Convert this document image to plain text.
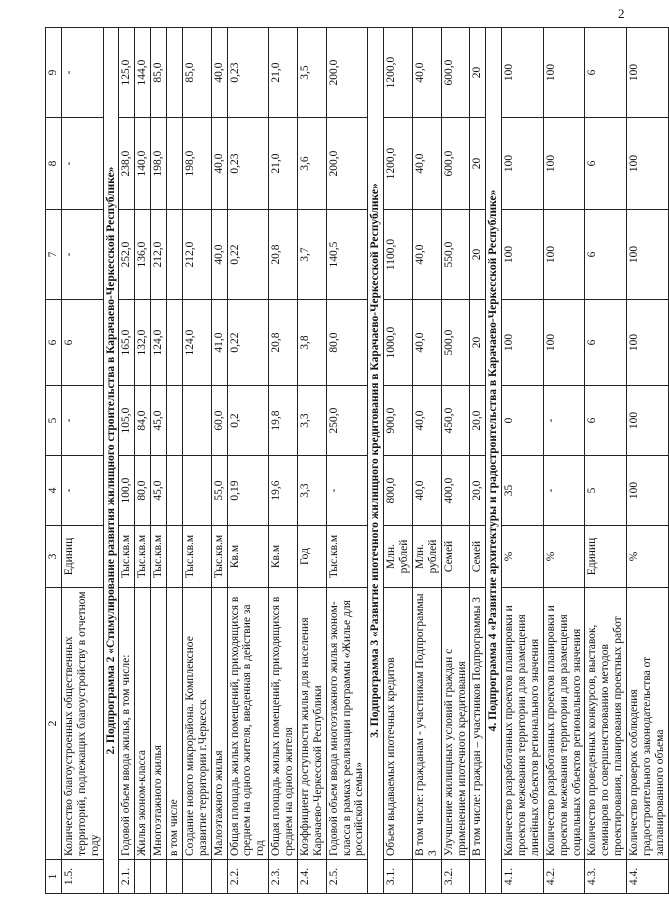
2
1	2	3	4	5	6	7	8	9
1.5.	Количество благоустроенных общественных территорий, подлежащих благоустройству в отчетном году	Единиц	-	-	6	-	-	-
2. Подпрограмма 2 «Стимулирование развития жилищного строительства в Карачаево-Черкесской Республике»								
2.1.	Годовой объем ввода жилья, в том числе:	Тыс.кв.м	100,0	105,0	165,0	252,0	238,0	125,0
	Жилья эконом-класса	Тыс.кв.м	80,0	84,0	132,0	136,0	140,0	144,0
	Многоэтажного жилья	Тыс.кв.м	45,0	45,0	124,0	212,0	198,0	85,0
	в том числе							
	Создание нового микрорайона. Комплексное развитие территории г.Черкесск	Тыс.кв.м			124,0	212,0	198,0	85,0
	Малоэтажного жилья	Тыс.кв.м	55,0	60,0	41,0	40,0	40,0	40,0
2.2.	Общая площадь жилых помещений, приходящихся в среднем на одного жителя, введенная в действие за год	Кв.м	0,19	0,2	0,22	0,22	0,23	0,23
2.3.	Общая площадь жилых помещений, приходящихся в среднем на одного жителя	Кв.м	19,6	19,8	20,8	20,8	21,0	21,0
2.4.	Коэффициент доступности жилья для населения Карачаево-Черкесской Республики	Год	3,3	3,3	3,8	3,7	3,6	3,5
2.5.	Годовой объем ввода многоэтажного жилья эконом-класса в рамках реализации программы «Жилье для российской семьи»	Тыс.кв.м	-	250,0	80,0	140,5	200,0	200,0
3. Подпрограмма 3 «Развитие ипотечного жилищного кредитования в Карачаево-Черкесской Республике»								
3.1.	Объем выдаваемых ипотечных кредитов	Млн. рублей	800,0	900,0	1000,0	1100,0	1200,0	1200,0
	В том числе: гражданам - участникам Подпрограммы 3	Млн. рублей	40,0	40,0	40,0	40,0	40,0	40,0
3.2.	Улучшение жилищных условий граждан с применением ипотечного кредитования	Семей	400,0	450,0	500,0	550,0	600,0	600,0
	В том числе: граждан – участников Подпрограммы 3	Семей	20,0	20,0	20	20	20	20
4. Подпрограмма 4 «Развитие архитектуры и градостроительства в Карачаево-Черкесской Республике»								
4.1.	Количество разработанных проектов планировки и проектов межевания территории для размещения линейных объектов регионального значения	%	35	0	100	100	100	100
4.2.	Количество разработанных проектов планировки и проектов межевания территории для размещения социальных объектов регионального значения	%	-	-	100	100	100	100
4.3.	Количество проведенных конкурсов, выставок, семинаров по совершенствованию методов проектирования, планирования проектных работ	Единиц	5	6	6	6	6	6
4.4.	Количество проверок соблюдения градостроительного законодательства от запланированного объема	%	100	100	100	100	100	100
